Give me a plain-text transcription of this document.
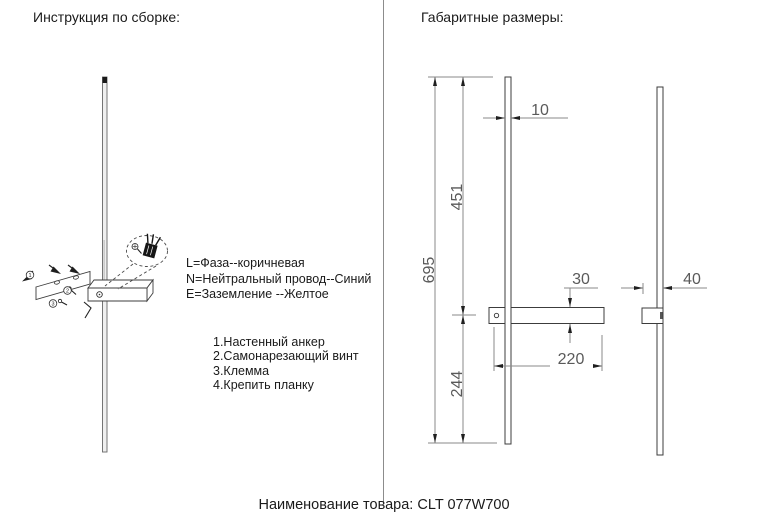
Инструкция по сборке:	Габаритные размеры:
1
2
3
695
451
244
10
30
220
40
L=Фаза--коричневая
N=Нейтральный провод--Синий
E=Заземление --Желтое
1.Настенный анкер
2.Самонарезающий винт
3.Клемма
4.Крепить планку
Наименование товара: CLT 077W700
